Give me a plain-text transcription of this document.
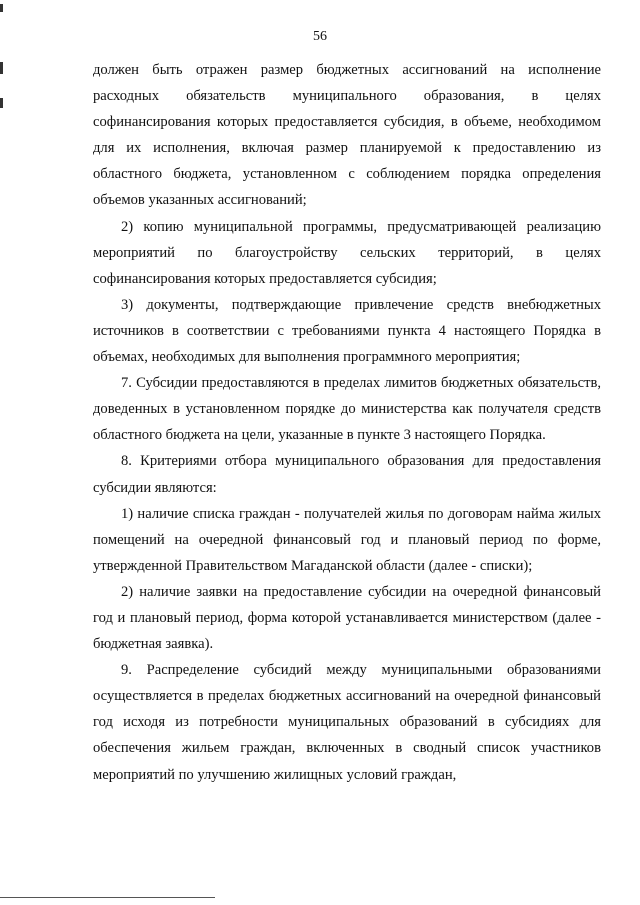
56

должен быть отражен размер бюджетных ассигнований на исполнение расходных обязательств муниципального образования, в целях софинансирования которых предоставляется субсидия, в объеме, необходимом для их исполнения, включая размер планируемой к предоставлению из областного бюджета, установленном с соблюдением порядка определения объемов указанных ассигнований;

2) копию муниципальной программы, предусматривающей реализацию мероприятий по благоустройству сельских территорий, в целях софинансирования которых предоставляется субсидия;

3) документы, подтверждающие привлечение средств внебюджетных источников в соответствии с требованиями пункта 4 настоящего Порядка в объемах, необходимых для выполнения программного мероприятия;

7. Субсидии предоставляются в пределах лимитов бюджетных обязательств, доведенных в установленном порядке до министерства как получателя средств областного бюджета на цели, указанные в пункте 3 настоящего Порядка.

8. Критериями отбора муниципального образования для предоставления субсидии являются:

1) наличие списка граждан - получателей жилья по договорам найма жилых помещений на очередной финансовый год и плановый период по форме, утвержденной Правительством Магаданской области (далее - списки);

2) наличие заявки на предоставление субсидии на очередной финансовый год и плановый период, форма которой устанавливается министерством (далее - бюджетная заявка).

9. Распределение субсидий между муниципальными образованиями осуществляется в пределах бюджетных ассигнований на очередной финансовый год исходя из потребности муниципальных образований в субсидиях для обеспечения жильем граждан, включенных в сводный список участников мероприятий по улучшению жилищных условий граждан,
